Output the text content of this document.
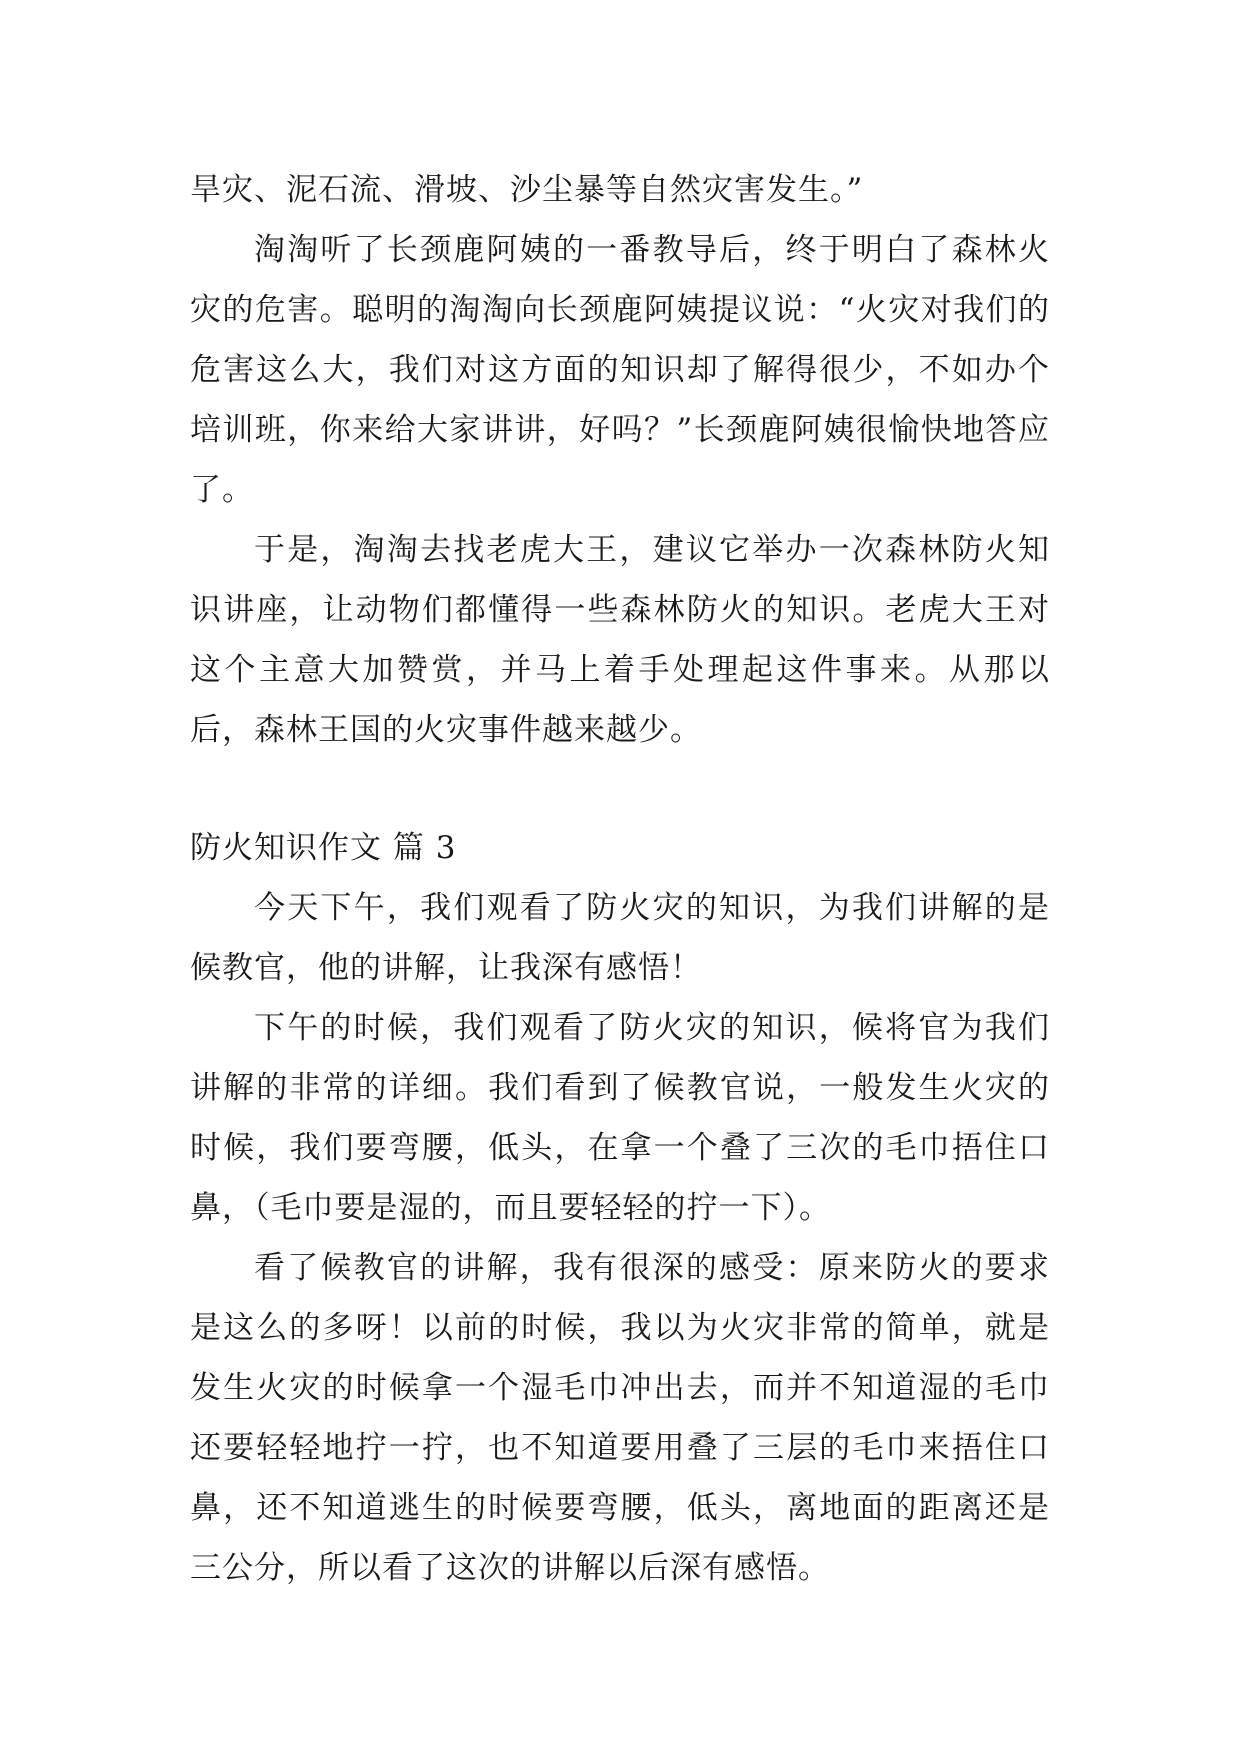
旱灾、泥石流、滑坡、沙尘暴等自然灾害发生。”

淘淘听了长颈鹿阿姨的一番教导后，终于明白了森林火灾的危害。聪明的淘淘向长颈鹿阿姨提议说：“火灾对我们的危害这么大，我们对这方面的知识却了解得很少，不如办个培训班，你来给大家讲讲，好吗？”长颈鹿阿姨很愉快地答应了。

于是，淘淘去找老虎大王，建议它举办一次森林防火知识讲座，让动物们都懂得一些森林防火的知识。老虎大王对这个主意大加赞赏，并马上着手处理起这件事来。从那以后，森林王国的火灾事件越来越少。

防火知识作文 篇 3

今天下午，我们观看了防火灾的知识，为我们讲解的是候教官，他的讲解，让我深有感悟！

下午的时候，我们观看了防火灾的知识，候将官为我们讲解的非常的详细。我们看到了候教官说，一般发生火灾的时候，我们要弯腰，低头，在拿一个叠了三次的毛巾捂住口鼻，（毛巾要是湿的，而且要轻轻的拧一下）。

看了候教官的讲解，我有很深的感受：原来防火的要求是这么的多呀！以前的时候，我以为火灾非常的简单，就是发生火灾的时候拿一个湿毛巾冲出去，而并不知道湿的毛巾还要轻轻地拧一拧，也不知道要用叠了三层的毛巾来捂住口鼻，还不知道逃生的时候要弯腰，低头，离地面的距离还是三公分，所以看了这次的讲解以后深有感悟。
